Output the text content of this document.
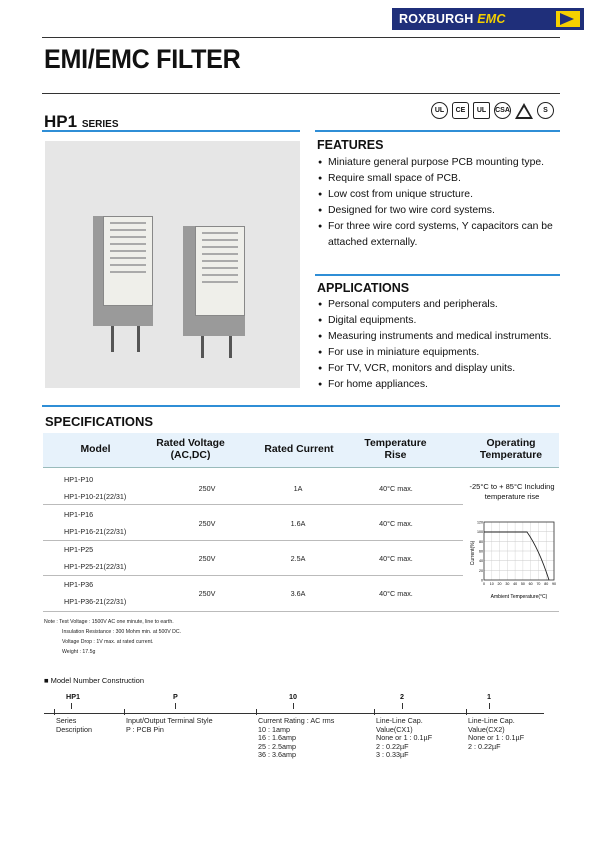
ROXBURGH EMC
EMI/EMC FILTER
HP1 SERIES
UL	CE	UL	CSA	S
FEATURES
● Miniature general purpose PCB mounting type.
● Require small space of PCB.
● Low cost from unique structure.
● Designed for two wire cord systems.
● For three wire cord systems, Y capacitors can be attached externally.
APPLICATIONS
● Personal computers and peripherals.
● Digital equipments.
● Measuring instruments and medical instruments.
● For use in miniature equipments.
● For TV, VCR, monitors and display units.
● For home appliances.
SPECIFICATIONS
Model
Rated Voltage (AC,DC)
Rated Current
Temperature Rise
Operating Temperature
HP1-P10
HP1-P10-21(22/31)
250V	1A	40°C max.
HP1-P16
HP1-P16-21(22/31)
250V	1.6A	40°C max.
HP1-P25
HP1-P25-21(22/31)
250V	2.5A	40°C max.
HP1-P36
HP1-P36-21(22/31)
250V	3.6A	40°C max.
-25°C to + 85°C Including temperature rise
120
100
80
60
40
20
0
0 10 20 30 40 50 60 70 80 90
Current(%)
Ambient Temperature(°C)
Note : Test Voltage : 1500V AC one minute, line to earth.
Insulation Resistance : 300 Mohm min. at 500V DC.
Voltage Drop : 1V max. at rated current.
Weight : 17.5g
■ Model Number Construction
HP1	P	10	2	1
Series
Description
Input/Output Terminal Style
P : PCB Pin
Current Rating : AC rms
10 : 1amp
16 : 1.6amp
25 : 2.5amp
36 : 3.6amp
Line-Line Cap.
Value(CX1)
None or 1 : 0.1µF
2 : 0.22µF
3 : 0.33µF
Line-Line Cap.
Value(CX2)
None or 1 : 0.1µF
2 : 0.22µF
